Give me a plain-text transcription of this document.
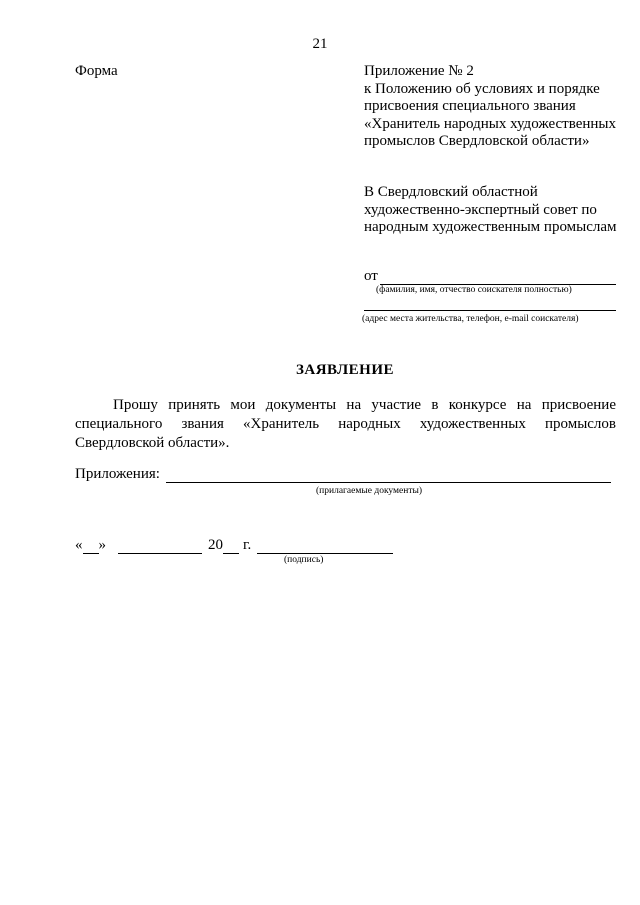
21
Форма	Приложение № 2
к Положению об условиях и порядке присвоения специального звания «Хранитель народных художественных промыслов Свердловской области»
В Свердловский областной художественно-экспертный совет по народным художественным промыслам
от
(фамилия, имя, отчество соискателя полностью)
(адрес места жительства, телефон, e-mail соискателя)
ЗАЯВЛЕНИЕ
Прошу принять мои документы на участие в конкурсе на присвоение специального звания «Хранитель народных художественных промыслов Свердловской области».
Приложения:
(прилагаемые документы)
« »	20 г.
(подпись)
